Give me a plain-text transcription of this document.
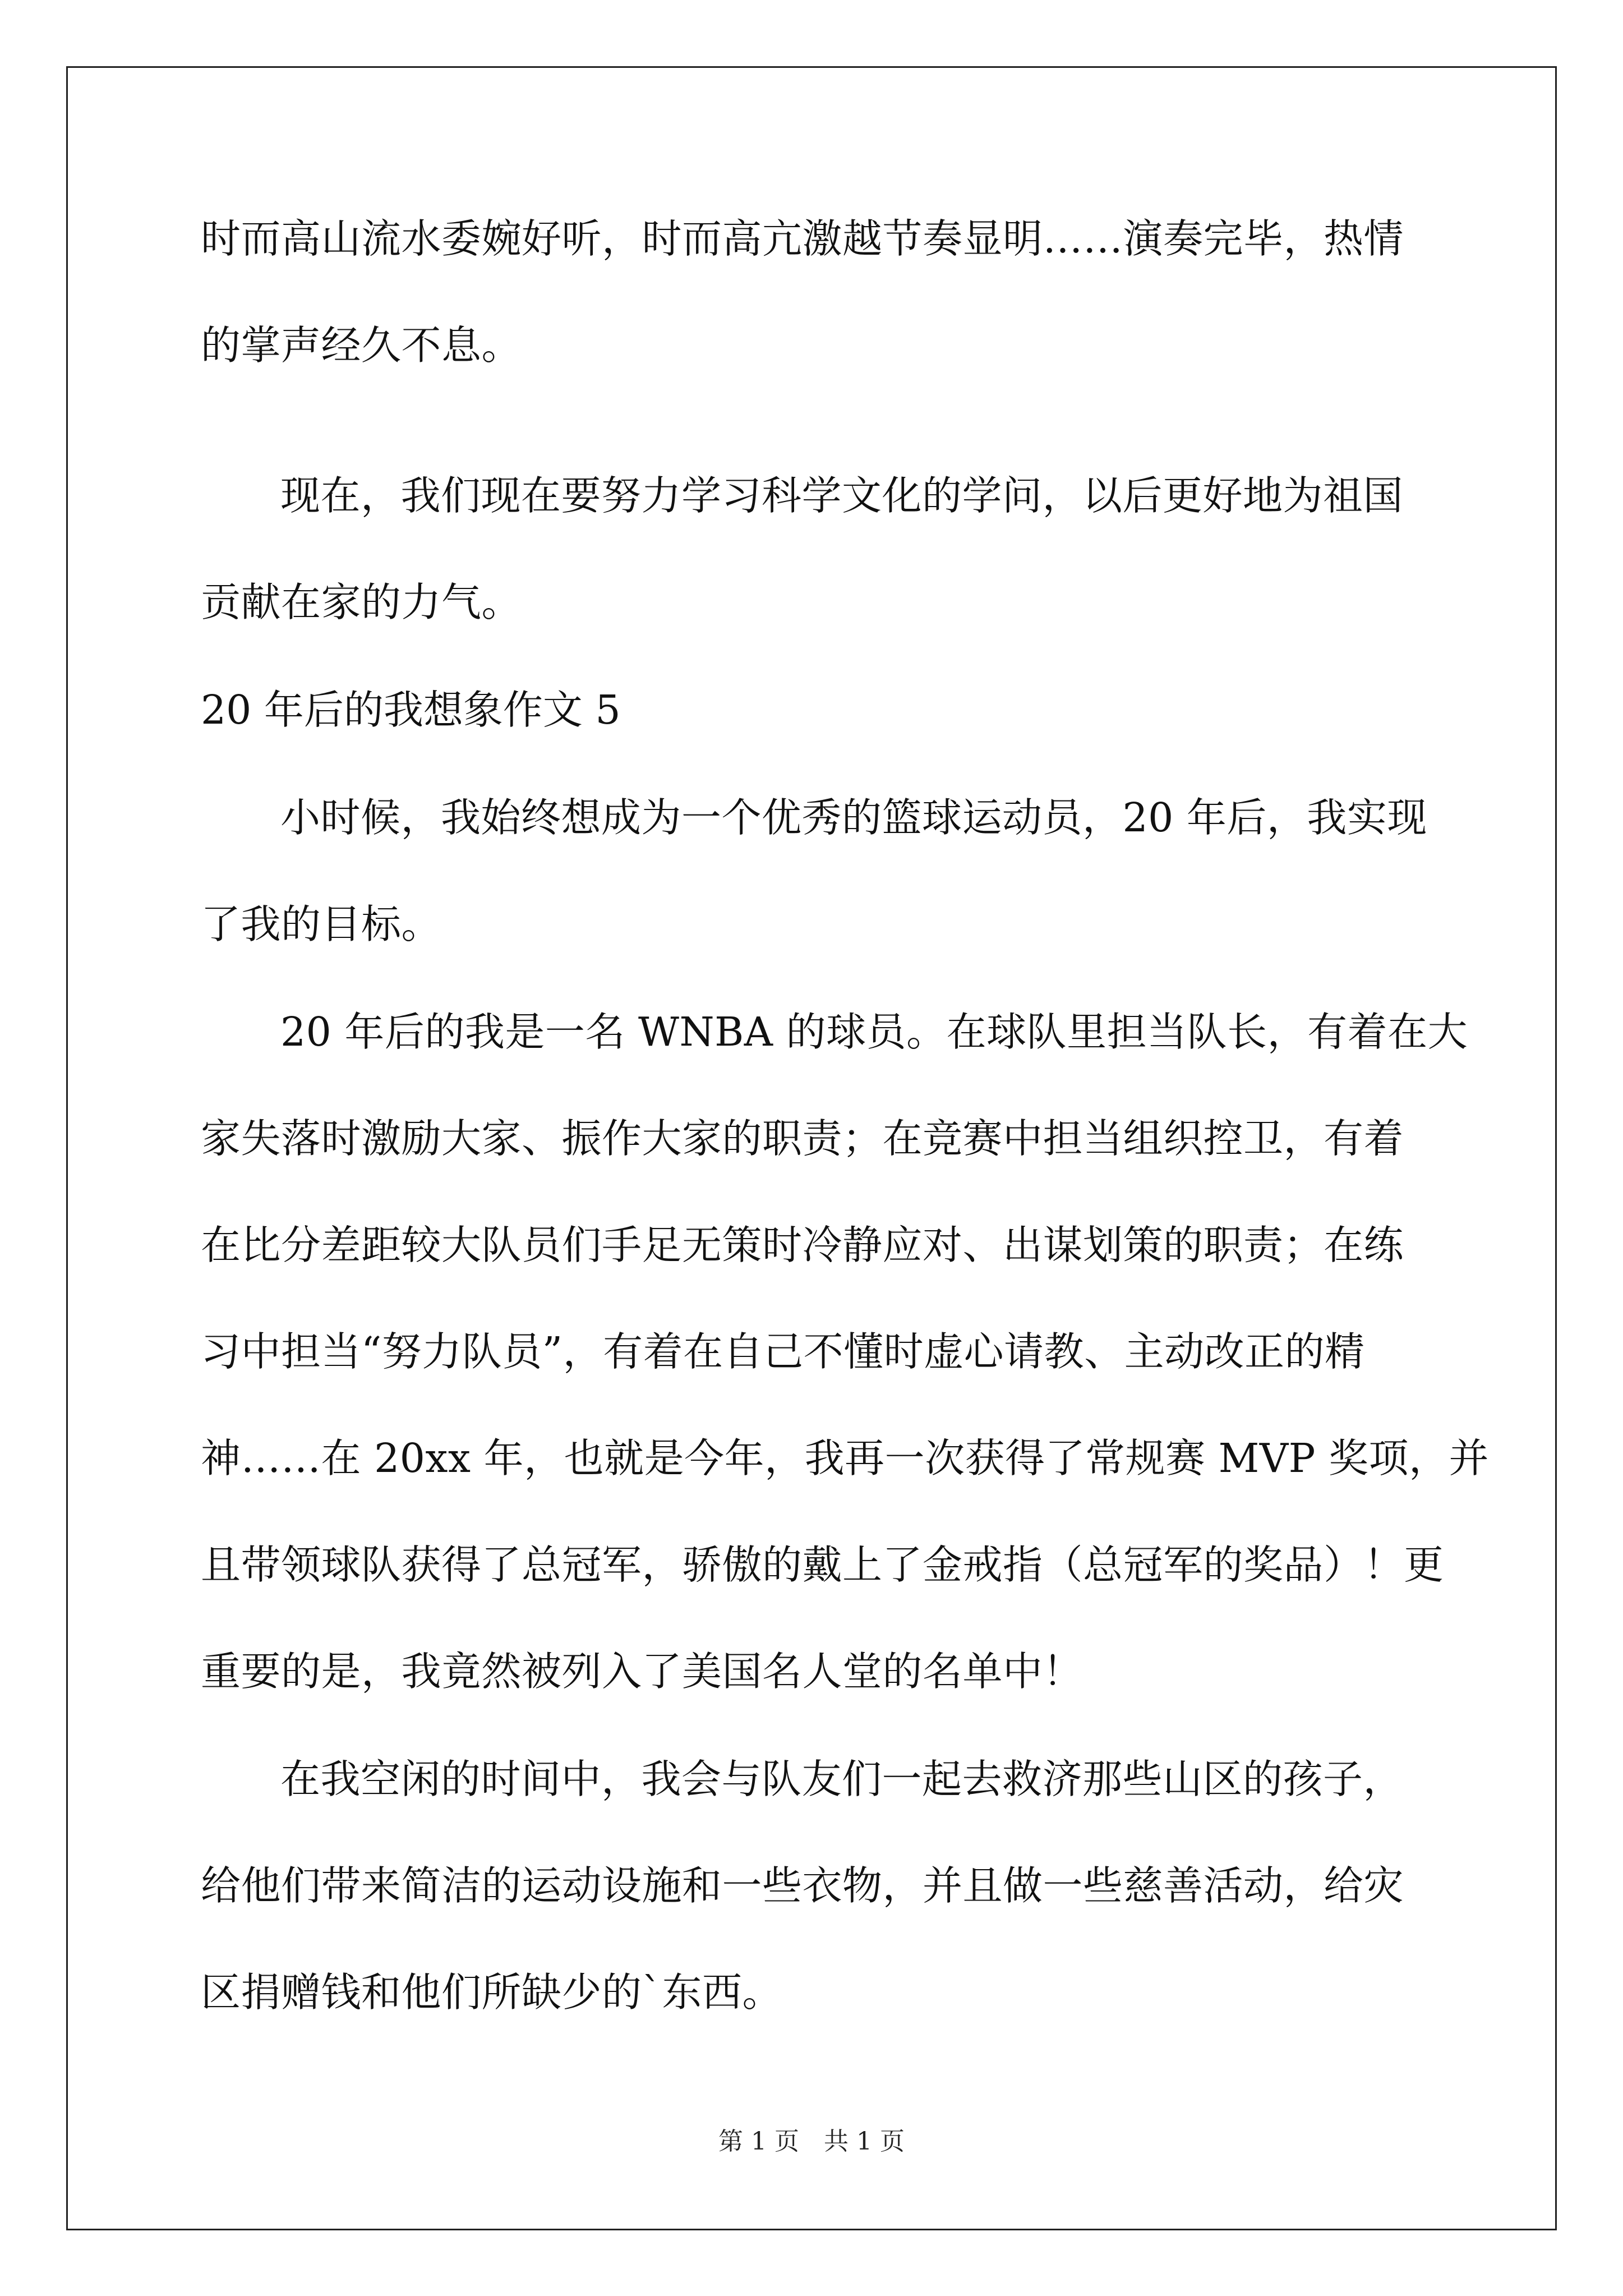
时而高山流水委婉好听，时而高亢激越节奏显明……演奏完毕，热情
的掌声经久不息。
现在，我们现在要努力学习科学文化的学问，以后更好地为祖国
贡献在家的力气。
20 年后的我想象作文 5
小时候，我始终想成为一个优秀的篮球运动员，20 年后，我实现
了我的目标。
20 年后的我是一名 WNBA 的球员。在球队里担当队长，有着在大
家失落时激励大家、振作大家的职责；在竞赛中担当组织控卫，有着
在比分差距较大队员们手足无策时冷静应对、出谋划策的职责；在练
习中担当“努力队员”，有着在自己不懂时虚心请教、主动改正的精
神……在 20xx 年，也就是今年，我再一次获得了常规赛 MVP 奖项，并
且带领球队获得了总冠军，骄傲的戴上了金戒指（总冠军的奖品）！更
重要的是，我竟然被列入了美国名人堂的名单中！
在我空闲的时间中，我会与队友们一起去救济那些山区的孩子，
给他们带来简洁的运动设施和一些衣物，并且做一些慈善活动，给灾
区捐赠钱和他们所缺少的`东西。
第 1 页 共 1 页
